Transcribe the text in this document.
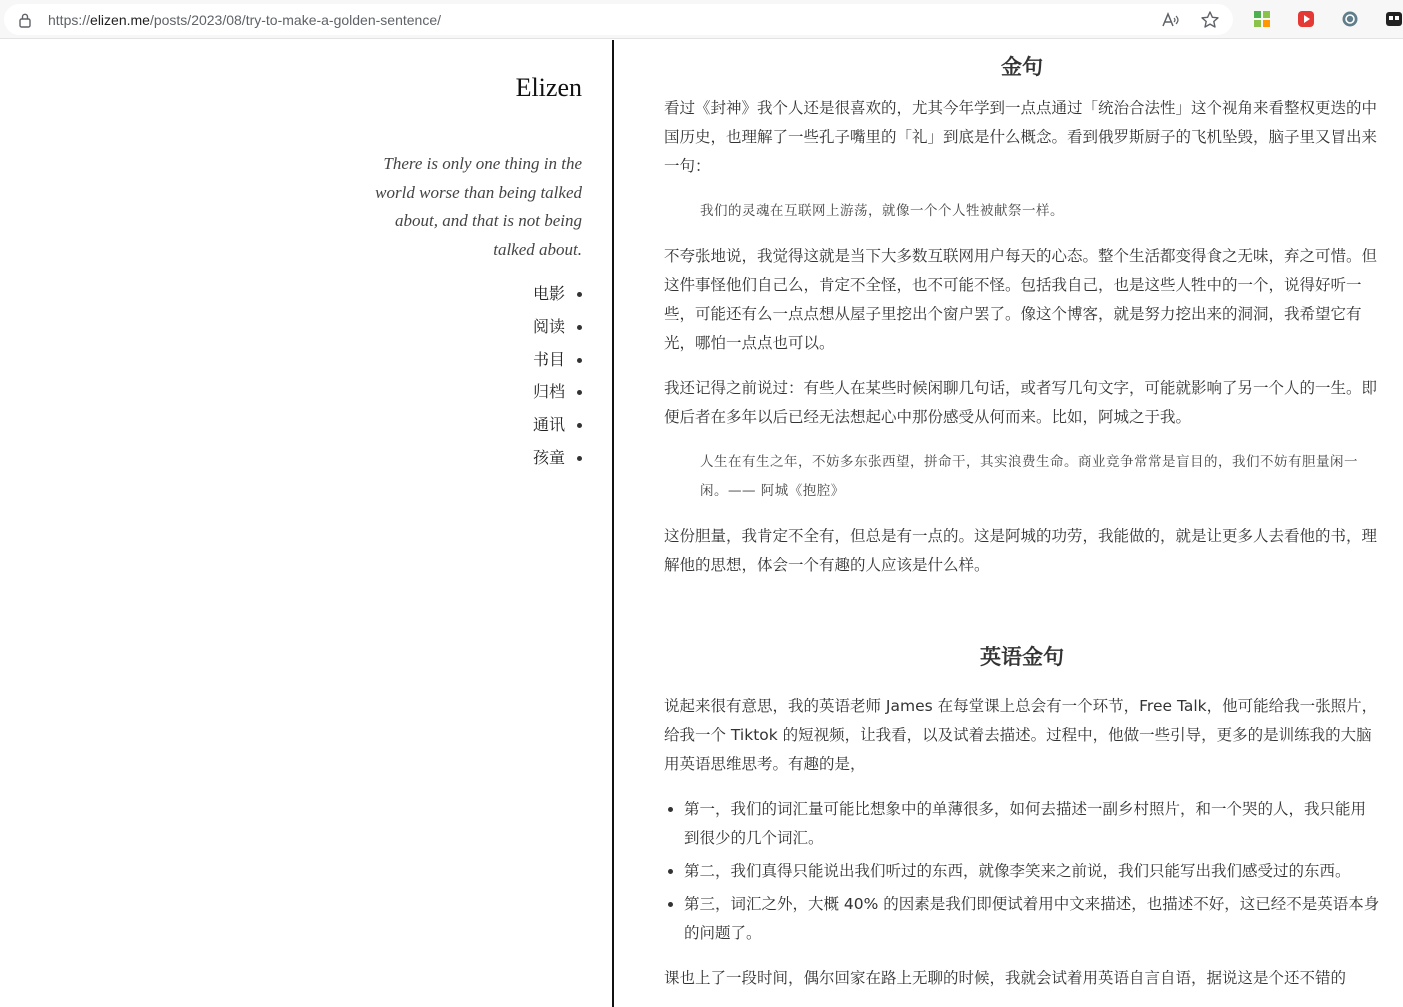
https://elizen.me/posts/2023/08/try-to-make-a-golden-sentence/
Elizen

There is only one thing in the world worse than being talked about, and that is not being talked about.

电影
阅读
书目
归档
通讯
孩童
金句

看过《封神》我个人还是很喜欢的，尤其今年学到一点点通过「统治合法性」这个视角来看整权更迭的中国历史，也理解了一些孔子嘴里的「礼」到底是什么概念。看到俄罗斯厨子的飞机坠毁，脑子里又冒出来一句：

我们的灵魂在互联网上游荡，就像一个个人牲被献祭一样。

不夸张地说，我觉得这就是当下大多数互联网用户每天的心态。整个生活都变得食之无味，弃之可惜。但这件事怪他们自己么，肯定不全怪，也不可能不怪。包括我自己，也是这些人牲中的一个，说得好听一些，可能还有么一点点想从屋子里挖出个窗户罢了。像这个博客，就是努力挖出来的洞洞，我希望它有光，哪怕一点点也可以。

我还记得之前说过：有些人在某些时候闲聊几句话，或者写几句文字，可能就影响了另一个人的一生。即便后者在多年以后已经无法想起心中那份感受从何而来。比如，阿城之于我。

人生在有生之年，不妨多东张西望，拼命干，其实浪费生命。商业竞争常常是盲目的，我们不妨有胆量闲一闲。—— 阿城《抱腔》

这份胆量，我肯定不全有，但总是有一点的。这是阿城的功劳，我能做的，就是让更多人去看他的书，理解他的思想，体会一个有趣的人应该是什么样。

英语金句

说起来很有意思，我的英语老师 James 在每堂课上总会有一个环节，Free Talk，他可能给我一张照片，给我一个 Tiktok 的短视频，让我看，以及试着去描述。过程中，他做一些引导，更多的是训练我的大脑用英语思维思考。有趣的是，

• 第一，我们的词汇量可能比想象中的单薄很多，如何去描述一副乡村照片，和一个哭的人，我只能用到很少的几个词汇。
• 第二，我们真得只能说出我们听过的东西，就像李笑来之前说，我们只能写出我们感受过的东西。
• 第三，词汇之外，大概 40% 的因素是我们即便试着用中文来描述，也描述不好，这已经不是英语本身的问题了。

课也上了一段时间，偶尔回家在路上无聊的时候，我就会试着用英语自言自语，据说这是个还不错的
